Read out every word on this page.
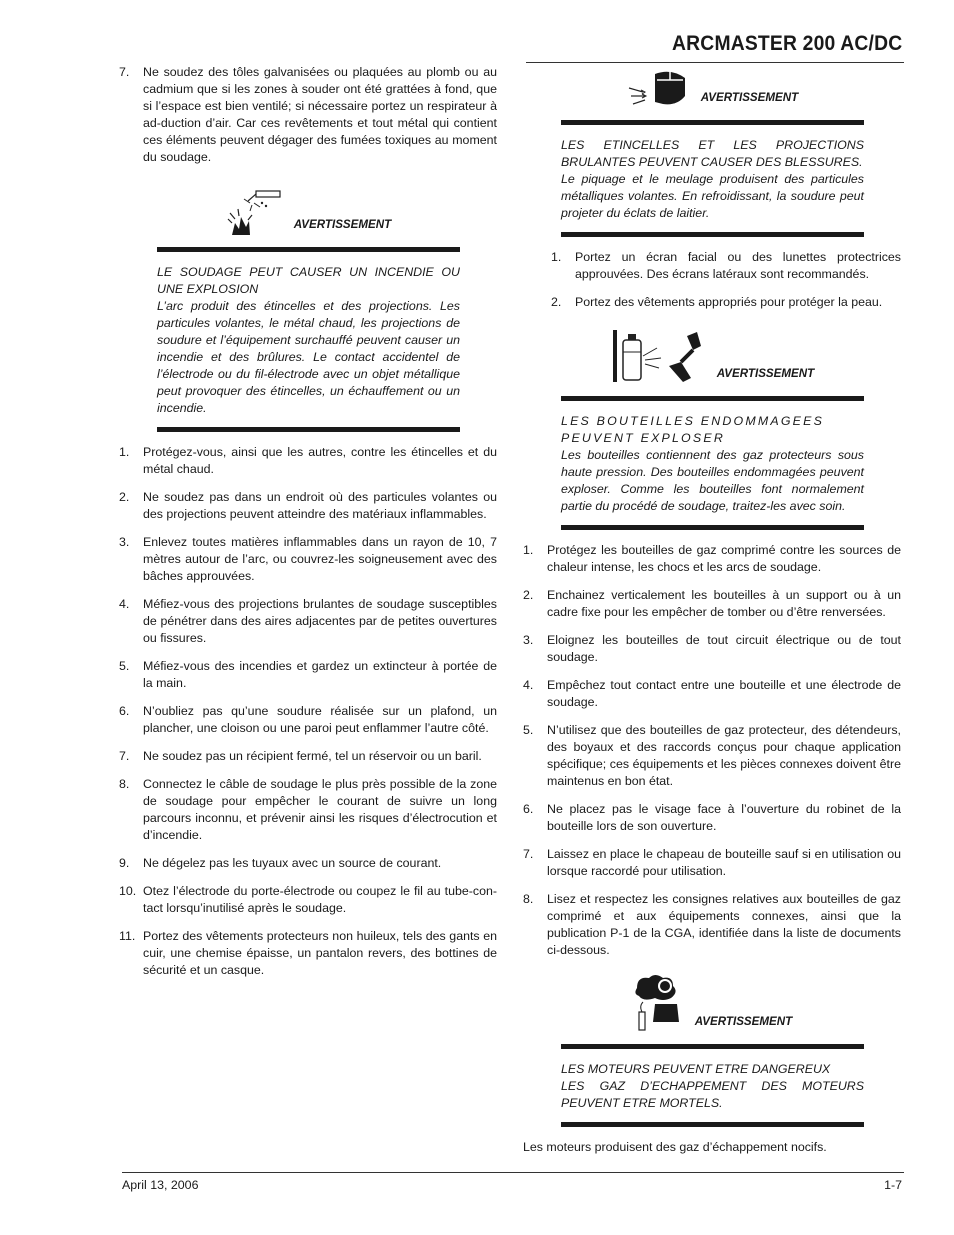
ARCMASTER 200 AC/DC
7.	Ne soudez des tôles galvanisées ou plaquées au plomb ou au cadmium que si les zones à souder ont été grattées à fond, que si l’espace est bien ventilé; si nécessaire portez un respirateur à ad-duction d’air. Car ces revêtements et tout métal qui contient ces éléments peuvent dégager des fumées toxiques au moment du soudage.
AVERTISSEMENT

LE SOUDAGE PEUT CAUSER UN INCENDIE OU UNE EXPLOSION

L’arc produit des étincelles et des projections. Les particules volantes, le métal chaud, les projections de soudure et l’équipement surchauffé peuvent causer un incendie et des brûlures. Le contact accidentel de l’électrode ou du fil-électrode avec un objet métallique peut provoquer des étincelles, un échauffement ou un incendie.

1.	Protégez-vous, ainsi que les autres, contre les étincelles et du métal chaud.
2.	Ne soudez pas dans un endroit où des particules volantes ou des projections peuvent atteindre des matériaux inflammables.
3.	Enlevez toutes matières inflammables dans un rayon de 10, 7 mètres autour de l’arc, ou couvrez-les soigneusement avec des bâches approuvées.
4.	Méfiez-vous des projections brulantes de soudage susceptibles de pénétrer dans des aires adjacentes par de petites ouvertures ou fissures.
5.	Méfiez-vous des incendies et gardez un extincteur à portée de la main.
6.	N’oubliez pas qu’une soudure réalisée sur un plafond, un plancher, une cloison ou une paroi peut enflammer l’autre côté.
7.	Ne soudez pas un récipient fermé, tel un réservoir ou un baril.
8.	Connectez le câble de soudage le plus près possible de la zone de soudage pour empêcher le courant de suivre un long parcours inconnu, et prévenir ainsi les risques d’électrocution et d’incendie.
9.	Ne dégelez pas les tuyaux avec un source de courant.
10. Otez l’électrode du porte-électrode ou coupez le fil au tube-con-tact lorsqu’inutilisé après le soudage.
11. Portez des vêtements protecteurs non huileux, tels des gants en cuir, une chemise épaisse, un pantalon revers, des bottines de sécurité et un casque.
AVERTISSEMENT

LES ETINCELLES ET LES PROJECTIONS BRULANTES PEUVENT CAUSER DES BLESSURES.

Le piquage et le meulage produisent des particules métalliques volantes. En refroidissant, la soudure peut projeter du éclats de laitier.

1.	Portez un écran facial ou des lunettes protectrices approuvées. Des écrans latéraux sont recommandés.
2.	Portez des vêtements appropriés pour protéger la peau.
AVERTISSEMENT

LES BOUTEILLES ENDOMMAGEES PEUVENT EXPLOSER

Les bouteilles contiennent des gaz protecteurs sous haute pression. Des bouteilles endommagées peuvent exploser. Comme les bouteilles font normalement partie du procédé de soudage, traitez-les avec soin.

1.	Protégez les bouteilles de gaz comprimé contre les sources de chaleur intense, les chocs et les arcs de soudage.
2.	Enchainez verticalement les bouteilles à un support ou à un cadre fixe pour les empêcher de tomber ou d’être renversées.
3.	Eloignez les bouteilles de tout circuit électrique ou de tout soudage.
4.	Empêchez tout contact entre une bouteille et une électrode de soudage.
5.	N’utilisez que des bouteilles de gaz protecteur, des détendeurs, des boyaux et des raccords conçus pour chaque application spécifique; ces équipements et les pièces connexes doivent être maintenus en bon état.
6.	Ne placez pas le visage face à l’ouverture du robinet de la bouteille lors de son ouverture.
7.	Laissez en place le chapeau de bouteille sauf si en utilisation ou lorsque raccordé pour utilisation.
8.	Lisez et respectez les consignes relatives aux bouteilles de gaz comprimé et aux équipements connexes, ainsi que la publication P-1 de la CGA, identifiée dans la liste de documents ci-dessous.
AVERTISSEMENT

LES MOTEURS PEUVENT ETRE DANGEREUX

LES GAZ D’ECHAPPEMENT DES MOTEURS PEUVENT ETRE MORTELS.

Les moteurs produisent des gaz d’échappement nocifs.

April 13, 2006	1-7
